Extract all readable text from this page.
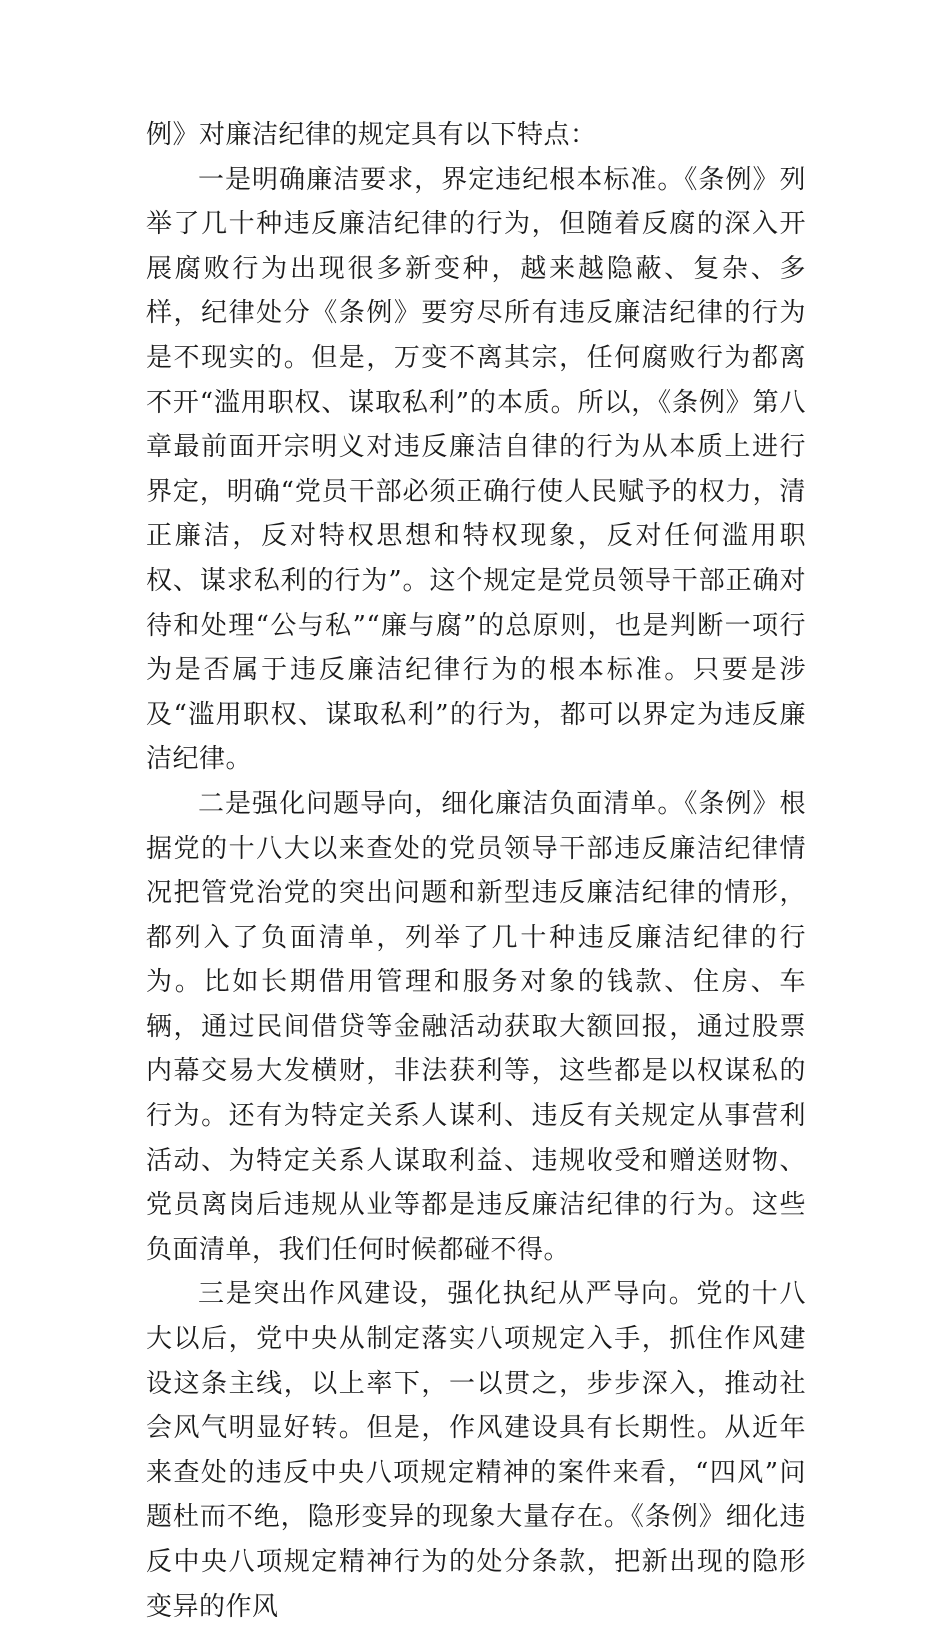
例》对廉洁纪律的规定具有以下特点：

一是明确廉洁要求，界定违纪根本标准。《条例》列举了几十种违反廉洁纪律的行为，但随着反腐的深入开展腐败行为出现很多新变种，越来越隐蔽、复杂、多样，纪律处分《条例》要穷尽所有违反廉洁纪律的行为是不现实的。但是，万变不离其宗，任何腐败行为都离不开“滥用职权、谋取私利”的本质。所以，《条例》第八章最前面开宗明义对违反廉洁自律的行为从本质上进行界定，明确“党员干部必须正确行使人民赋予的权力，清正廉洁，反对特权思想和特权现象，反对任何滥用职权、谋求私利的行为”。这个规定是党员领导干部正确对待和处理“公与私”“廉与腐”的总原则，也是判断一项行为是否属于违反廉洁纪律行为的根本标准。只要是涉及“滥用职权、谋取私利”的行为，都可以界定为违反廉洁纪律。

二是强化问题导向，细化廉洁负面清单。《条例》根据党的十八大以来查处的党员领导干部违反廉洁纪律情况把管党治党的突出问题和新型违反廉洁纪律的情形，都列入了负面清单，列举了几十种违反廉洁纪律的行为。比如长期借用管理和服务对象的钱款、住房、车辆，通过民间借贷等金融活动获取大额回报，通过股票内幕交易大发横财，非法获利等，这些都是以权谋私的行为。还有为特定关系人谋利、违反有关规定从事营利活动、为特定关系人谋取利益、违规收受和赠送财物、党员离岗后违规从业等都是违反廉洁纪律的行为。这些负面清单，我们任何时候都碰不得。

三是突出作风建设，强化执纪从严导向。党的十八大以后，党中央从制定落实八项规定入手，抓住作风建设这条主线，以上率下，一以贯之，步步深入，推动社会风气明显好转。但是，作风建设具有长期性。从近年来查处的违反中央八项规定精神的案件来看，“四风”问题杜而不绝，隐形变异的现象大量存在。《条例》细化违反中央八项规定精神行为的处分条款，把新出现的隐形变异的作风
